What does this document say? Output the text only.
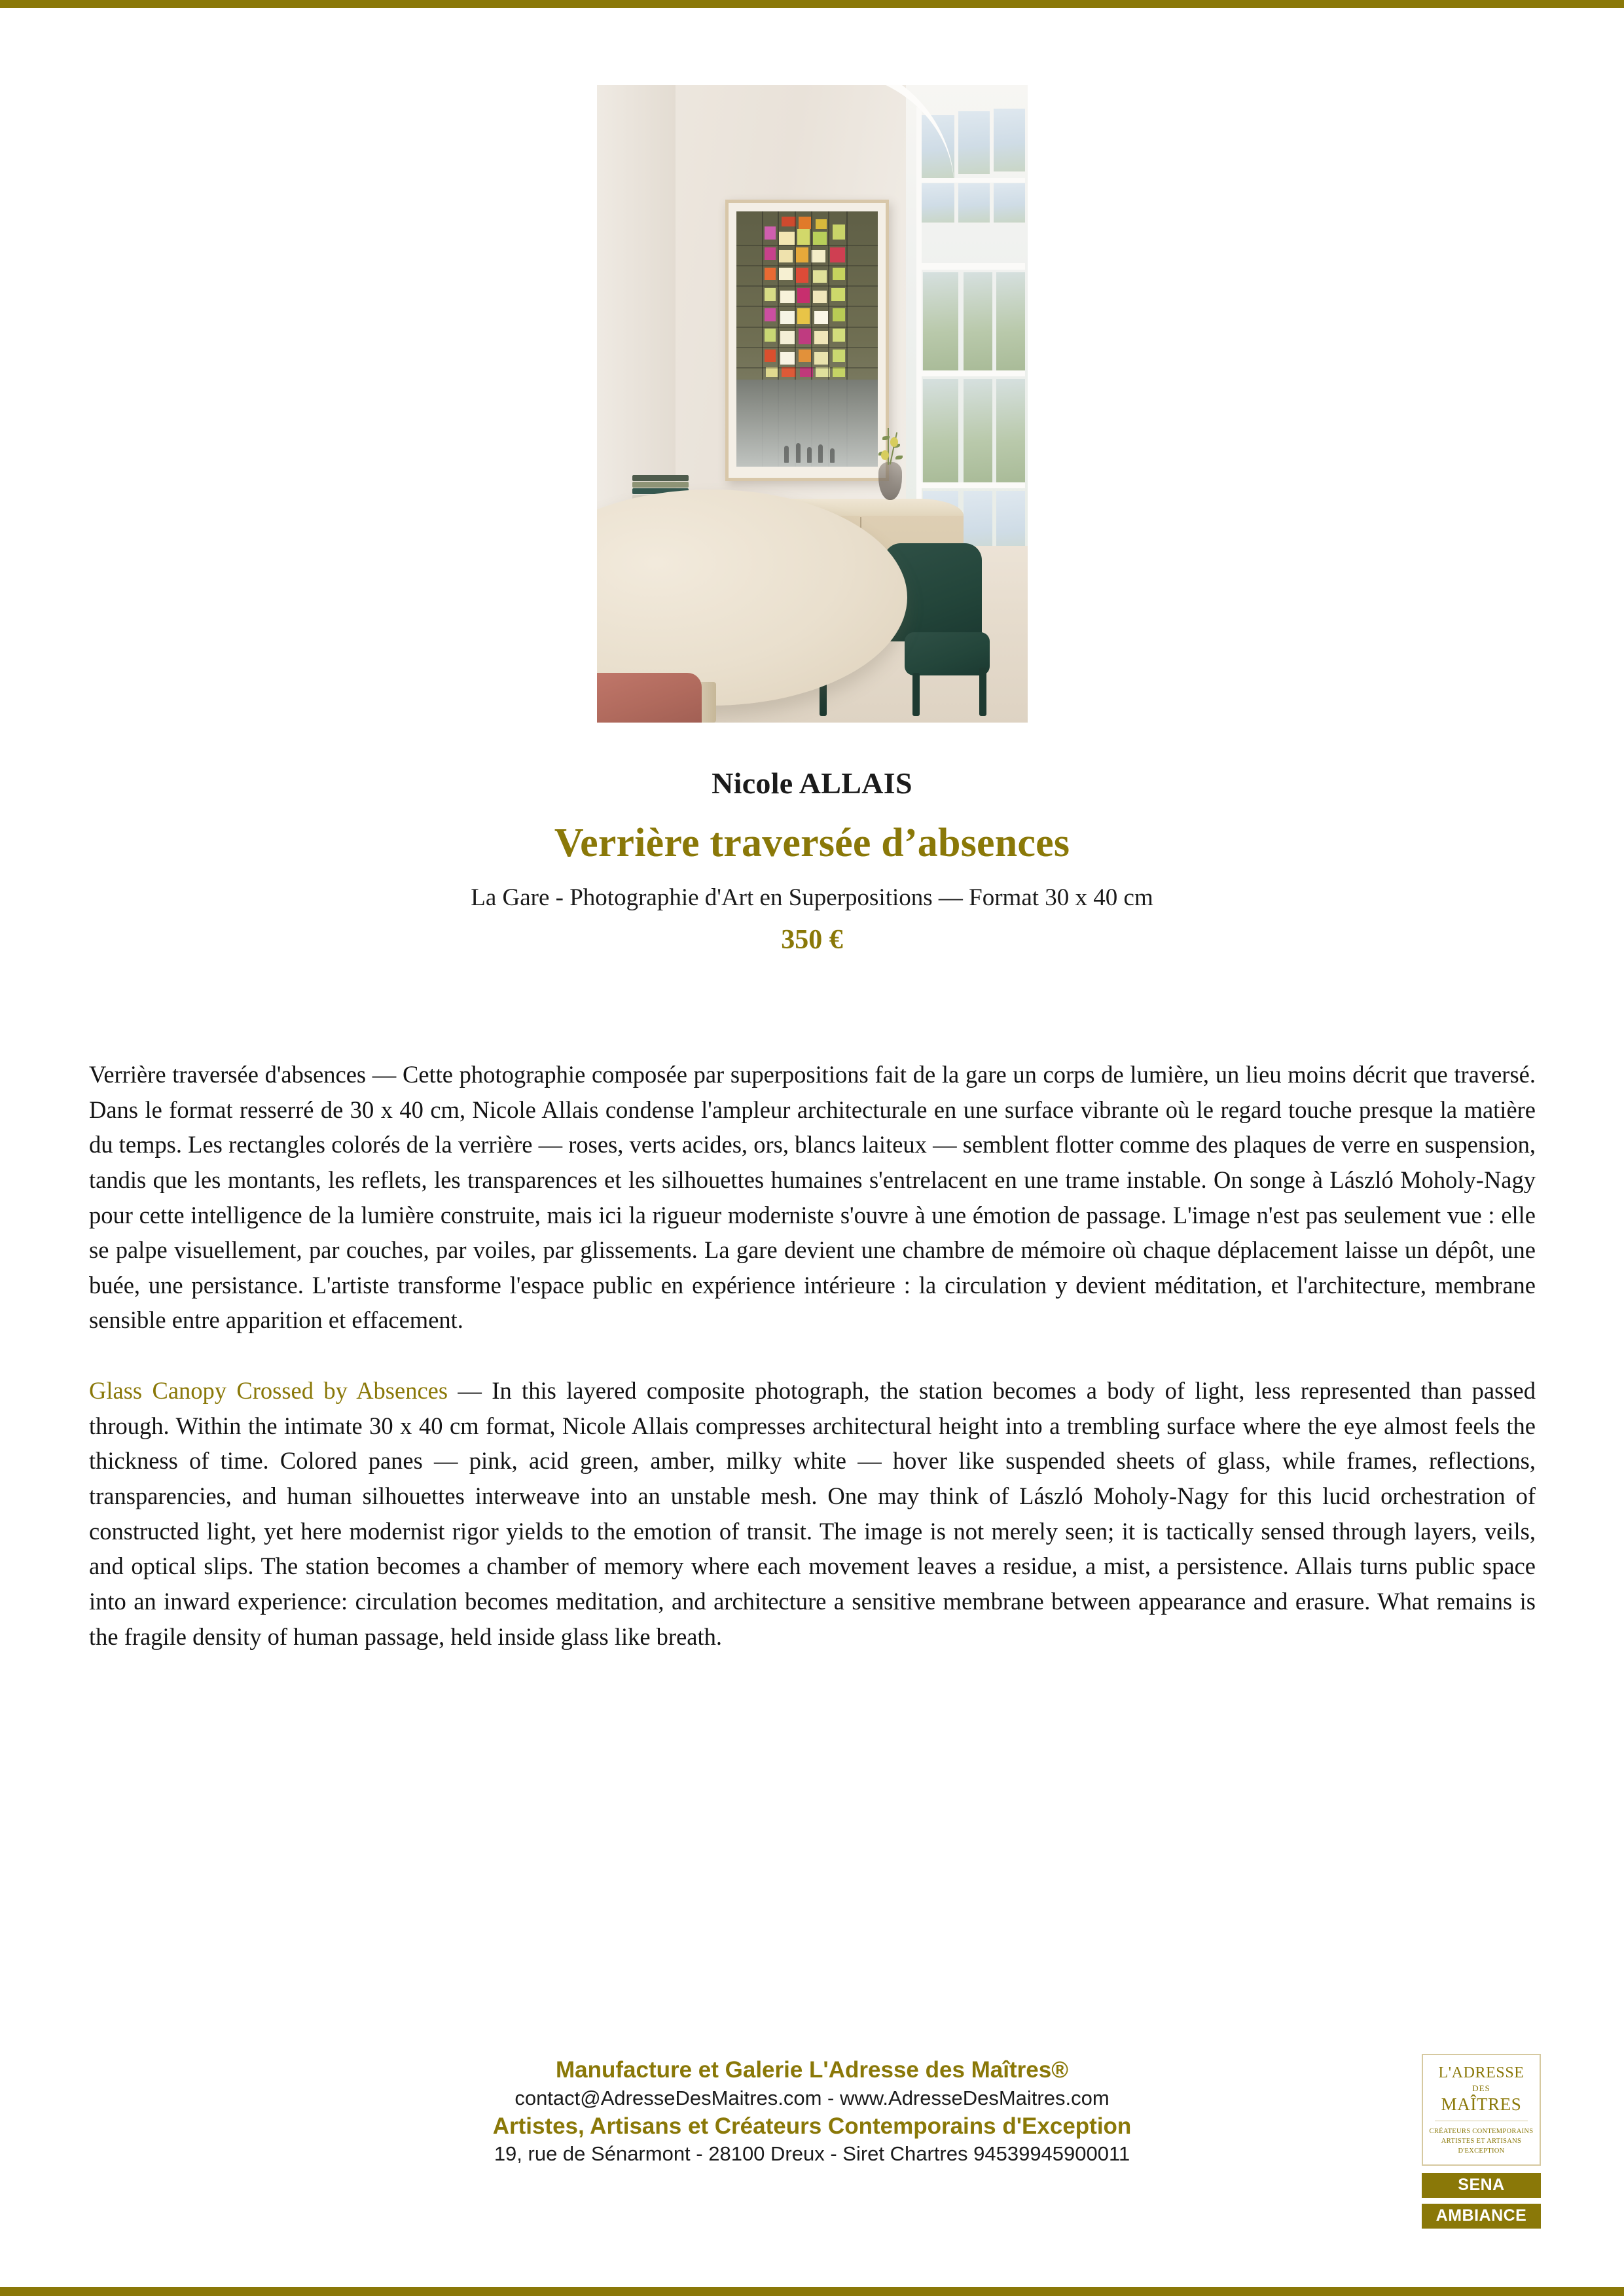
Nicole ALLAIS
Verrière traversée d’absences
La Gare - Photographie d'Art en Superpositions — Format 30 x 40 cm
350 €

Verrière traversée d'absences — Cette photographie composée par superpositions fait de la gare un corps de lumière, un lieu moins décrit que traversé. Dans le format resserré de 30 x 40 cm, Nicole Allais condense l'ampleur architecturale en une surface vibrante où le regard touche presque la matière du temps. Les rectangles colorés de la verrière — roses, verts acides, ors, blancs laiteux — semblent flotter comme des plaques de verre en suspension, tandis que les montants, les reflets, les transparences et les silhouettes humaines s'entrelacent en une trame instable. On songe à László Moholy-Nagy pour cette intelligence de la lumière construite, mais ici la rigueur moderniste s'ouvre à une émotion de passage. L'image n'est pas seulement vue : elle se palpe visuellement, par couches, par voiles, par glissements. La gare devient une chambre de mémoire où chaque déplacement laisse un dépôt, une buée, une persistance. L'artiste transforme l'espace public en expérience intérieure : la circulation y devient méditation, et l'architecture, membrane sensible entre apparition et effacement.

Glass Canopy Crossed by Absences — In this layered composite photograph, the station becomes a body of light, less represented than passed through. Within the intimate 30 x 40 cm format, Nicole Allais compresses architectural height into a trembling surface where the eye almost feels the thickness of time. Colored panes — pink, acid green, amber, milky white — hover like suspended sheets of glass, while frames, reflections, transparencies, and human silhouettes interweave into an unstable mesh. One may think of László Moholy-Nagy for this lucid orchestration of constructed light, yet here modernist rigor yields to the emotion of transit. The image is not merely seen; it is tactically sensed through layers, veils, and optical slips. The station becomes a chamber of memory where each movement leaves a residue, a mist, a persistence. Allais turns public space into an inward experience: circulation becomes meditation, and architecture a sensitive membrane between appearance and erasure. What remains is the fragile density of human passage, held inside glass like breath.

Manufacture et Galerie L'Adresse des Maîtres®
contact@AdresseDesMaitres.com - www.AdresseDesMaitres.com
Artistes, Artisans et Créateurs Contemporains d'Exception
19, rue de Sénarmont - 28100 Dreux - Siret Chartres 94539945900011
L'ADRESSE
DES
MAÎTRES
CRÉATEURS CONTEMPORAINS
ARTISTES ET ARTISANS
D'EXCEPTION
SENA
AMBIANCE
